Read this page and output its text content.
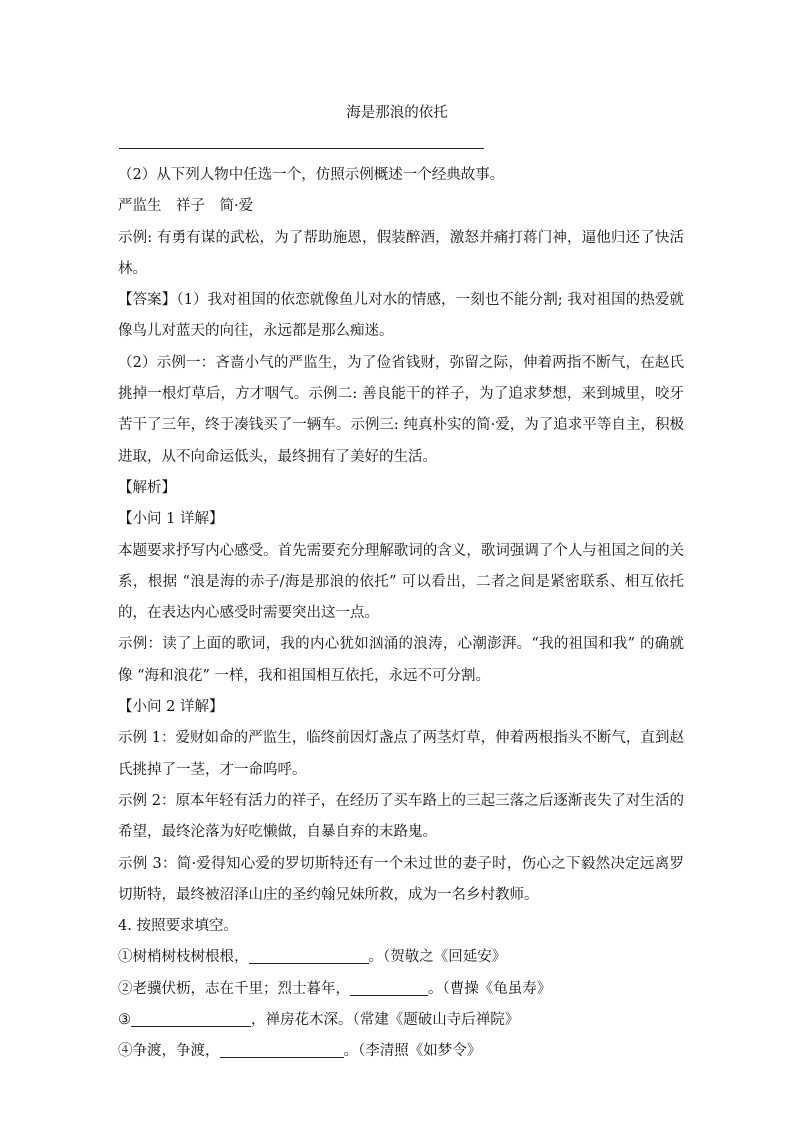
海是那浪的依托

（2）从下列人物中任选一个，仿照示例概述一个经典故事。

严监生　祥子　简·爱

示例: 有勇有谋的武松，为了帮助施恩，假装醉酒，激怒并痛打蒋门神，逼他归还了快活林。

【答案】（1）我对祖国的依恋就像鱼儿对水的情感，一刻也不能分割; 我对祖国的热爱就像鸟儿对蓝天的向往，永远都是那么痴迷。

（2）示例一：吝啬小气的严监生，为了俭省钱财，弥留之际，伸着两指不断气，在赵氏挑掉一根灯草后，方才咽气。示例二: 善良能干的祥子，为了追求梦想，来到城里，咬牙苦干了三年，终于凑钱买了一辆车。示例三: 纯真朴实的简·爱，为了追求平等自主，积极进取，从不向命运低头，最终拥有了美好的生活。

【解析】

【小问 1 详解】

本题要求抒写内心感受。首先需要充分理解歌词的含义，歌词强调了个人与祖国之间的关系，根据 “浪是海的赤子/海是那浪的依托” 可以看出，二者之间是紧密联系、相互依托的，在表达内心感受时需要突出这一点。

示例：读了上面的歌词，我的内心犹如汹涌的浪涛，心潮澎湃。“我的祖国和我” 的确就像 “海和浪花” 一样，我和祖国相互依托，永远不可分割。

【小问 2 详解】

示例 1：爱财如命的严监生，临终前因灯盏点了两茎灯草，伸着两根指头不断气，直到赵氏挑掉了一茎，才一命呜呼。

示例 2：原本年轻有活力的祥子，在经历了买车路上的三起三落之后逐渐丧失了对生活的希望，最终沦落为好吃懒做，自暴自弃的末路鬼。

示例 3：简·爱得知心爱的罗切斯特还有一个未过世的妻子时，伤心之下毅然决定远离罗切斯特，最终被沼泽山庄的圣约翰兄妹所救，成为一名乡村教师。

4. 按照要求填空。

①树梢树枝树根根，	。（贺敬之《回延安》

②老骥伏枥，志在千里；烈士暮年，	。（曹操《龟虽寿》

③	，禅房花木深。（常建《题破山寺后禅院》

④争渡，争渡，	。（李清照《如梦令》
